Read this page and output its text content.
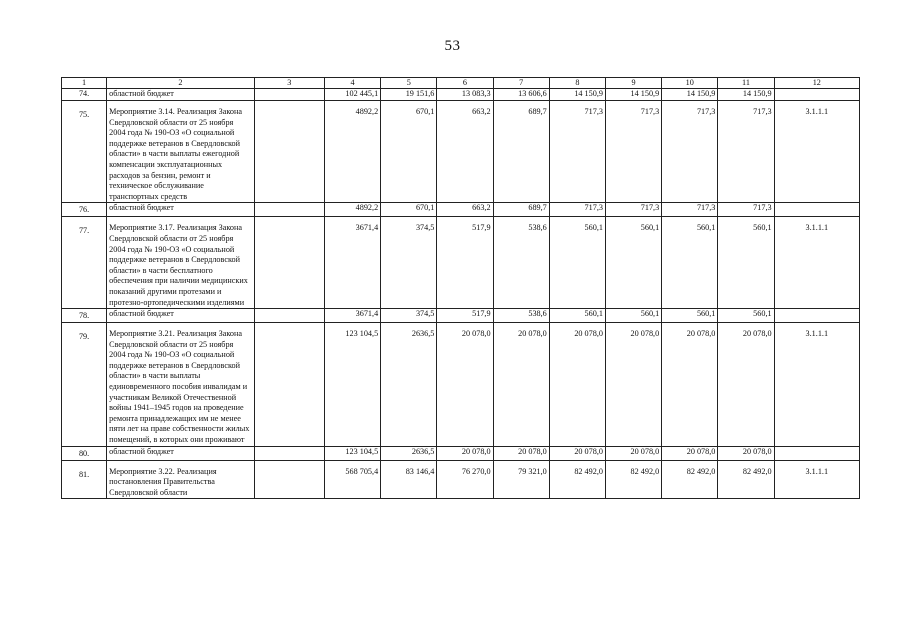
53
1	2	3	4	5	6	7	8	9	10	11	12
74.	областной бюджет		102 445,1	19 151,6	13 083,3	13 606,6	14 150,9	14 150,9	14 150,9	14 150,9	
75.	Мероприятие 3.14. Реализация Закона Свердловской области от 25 ноября 2004 года № 190-ОЗ «О социальной поддержке ветеранов в Свердловской области» в части выплаты ежегодной компенсации эксплуатационных расходов за бензин, ремонт и техническое обслуживание транспортных средств		4892,2	670,1	663,2	689,7	717,3	717,3	717,3	717,3	3.1.1.1
76.	областной бюджет		4892,2	670,1	663,2	689,7	717,3	717,3	717,3	717,3	
77.	Мероприятие 3.17. Реализация Закона Свердловской области от 25 ноября 2004 года № 190-ОЗ «О социальной поддержке ветеранов в Свердловской области» в части бесплатного обеспечения при наличии медицинских показаний другими протезами и протезно-ортопедическими изделиями		3671,4	374,5	517,9	538,6	560,1	560,1	560,1	560,1	3.1.1.1
78.	областной бюджет		3671,4	374,5	517,9	538,6	560,1	560,1	560,1	560,1	
79.	Мероприятие 3.21. Реализация Закона Свердловской области от 25 ноября 2004 года № 190-ОЗ «О социальной поддержке ветеранов в Свердловской области» в части выплаты единовременного пособия инвалидам и участникам Великой Отечественной войны 1941–1945 годов на проведение ремонта принадлежащих им не менее пяти лет на праве собственности жилых помещений, в которых они проживают		123 104,5	2636,5	20 078,0	20 078,0	20 078,0	20 078,0	20 078,0	20 078,0	3.1.1.1
80.	областной бюджет		123 104,5	2636,5	20 078,0	20 078,0	20 078,0	20 078,0	20 078,0	20 078,0	
81.	Мероприятие 3.22. Реализация постановления Правительства Свердловской области		568 705,4	83 146,4	76 270,0	79 321,0	82 492,0	82 492,0	82 492,0	82 492,0	3.1.1.1
